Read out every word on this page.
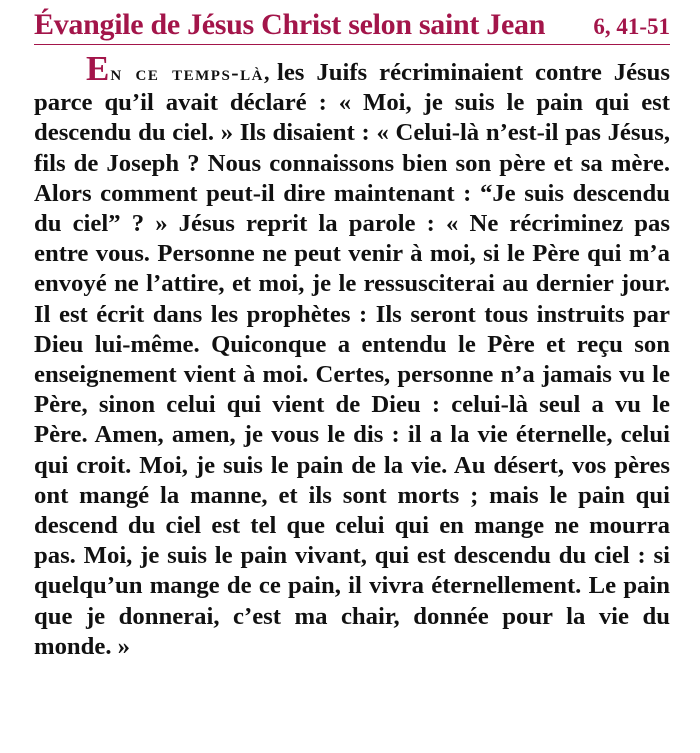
Évangile de Jésus Christ selon saint Jean 6, 41-51
En ce temps-là, les Juifs récriminaient contre Jésus parce qu’il avait déclaré : « Moi, je suis le pain qui est descendu du ciel. » Ils disaient : « Celui-là n’est-il pas Jésus, fils de Joseph ? Nous connaissons bien son père et sa mère. Alors comment peut-il dire maintenant : “Je suis descendu du ciel” ? » Jésus reprit la parole : « Ne récriminez pas entre vous. Personne ne peut venir à moi, si le Père qui m’a envoyé ne l’attire, et moi, je le ressusciterai au dernier jour. Il est écrit dans les prophètes : Ils seront tous instruits par Dieu lui-même. Quiconque a entendu le Père et reçu son enseignement vient à moi. Certes, personne n’a jamais vu le Père, sinon celui qui vient de Dieu : celui-là seul a vu le Père. Amen, amen, je vous le dis : il a la vie éternelle, celui qui croit. Moi, je suis le pain de la vie. Au désert, vos pères ont mangé la manne, et ils sont morts ; mais le pain qui descend du ciel est tel que celui qui en mange ne mourra pas. Moi, je suis le pain vivant, qui est descendu du ciel : si quelqu’un mange de ce pain, il vivra éternellement. Le pain que je donnerai, c’est ma chair, donnée pour la vie du monde. »
